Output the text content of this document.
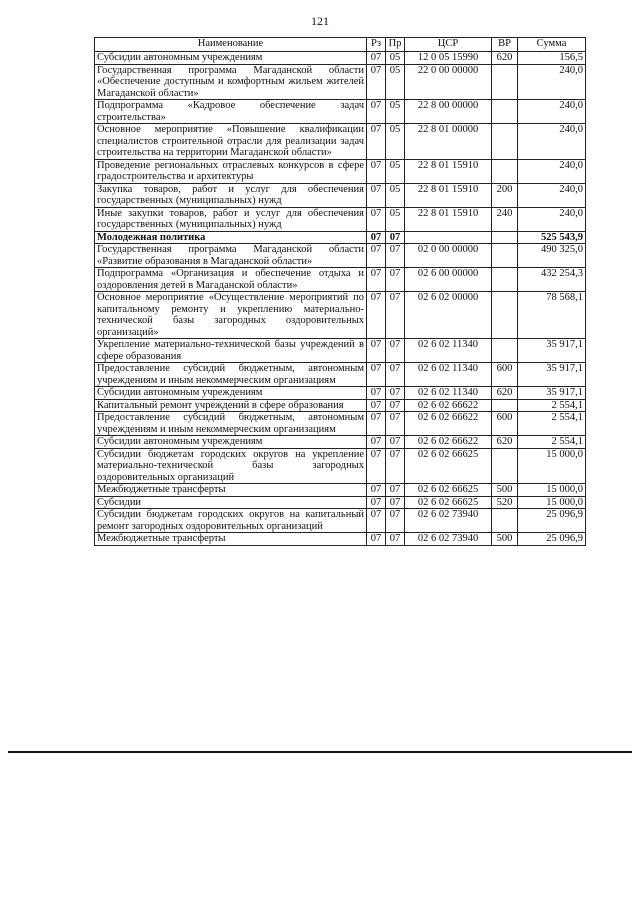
121
Наименование	Рз	Пр	ЦСР	ВР	Сумма
Субсидии автономным учреждениям	07	05	12 0 05 15990	620	156,5
Государственная программа Магаданской области «Обеспечение доступным и комфортным жильем жителей Магаданской области»	07	05	22 0 00 00000		240,0
Подпрограмма «Кадровое обеспечение задач строительства»	07	05	22 8 00 00000		240,0
Основное мероприятие «Повышение квалификации специалистов строительной отрасли для реализации задач строительства на территории Магаданской области»	07	05	22 8 01 00000		240,0
Проведение региональных отраслевых конкурсов в сфере градостроительства и архитектуры	07	05	22 8 01 15910		240,0
Закупка товаров, работ и услуг для обеспечения государственных (муниципальных) нужд	07	05	22 8 01 15910	200	240,0
Иные закупки товаров, работ и услуг для обеспечения государственных (муниципальных) нужд	07	05	22 8 01 15910	240	240,0
Молодежная политика	07	07			525 543,9
Государственная программа Магаданской области «Развитие образования в Магаданской области»	07	07	02 0 00 00000		490 325,0
Подпрограмма «Организация и обеспечение отдыха и оздоровления детей в Магаданской области»	07	07	02 6 00 00000		432 254,3
Основное мероприятие «Осуществление мероприятий по капитальному ремонту и укреплению материально-технической базы загородных оздоровительных организаций»	07	07	02 6 02 00000		78 568,1
Укрепление материально-технической базы учреждений в сфере образования	07	07	02 6 02 11340		35 917,1
Предоставление субсидий бюджетным, автономным учреждениям и иным некоммерческим организациям	07	07	02 6 02 11340	600	35 917,1
Субсидии автономным учреждениям	07	07	02 6 02 11340	620	35 917,1
Капитальный ремонт учреждений в сфере образования	07	07	02 6 02 66622		2 554,1
Предоставление субсидий бюджетным, автономным учреждениям и иным некоммерческим организациям	07	07	02 6 02 66622	600	2 554,1
Субсидии автономным учреждениям	07	07	02 6 02 66622	620	2 554,1
Субсидии бюджетам городских округов на укрепление материально-технической базы загородных оздоровительных организаций	07	07	02 6 02 66625		15 000,0
Межбюджетные трансферты	07	07	02 6 02 66625	500	15 000,0
Субсидии	07	07	02 6 02 66625	520	15 000,0
Субсидии бюджетам городских округов на капитальный ремонт загородных оздоровительных организаций	07	07	02 6 02 73940		25 096,9
Межбюджетные трансферты	07	07	02 6 02 73940	500	25 096,9
